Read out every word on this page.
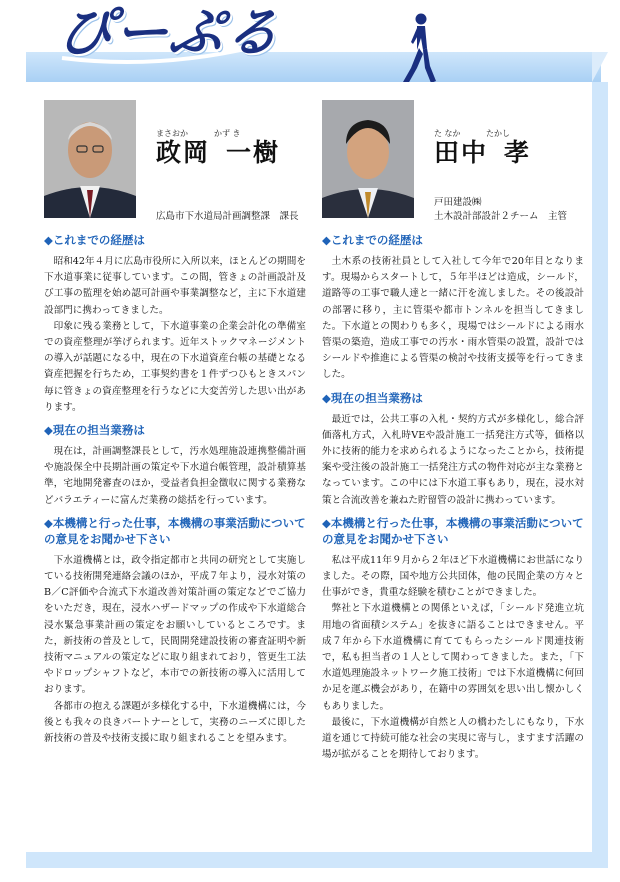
ぴーぷる
まさおか	かず き
政岡 一樹
広島市下水道局計画調整課　課長
◆これまでの経歴は

昭和42年４月に広島市役所に入所以来，ほとんどの期間を下水道事業に従事しています。この間，管きょの計画設計及び工事の監理を始め認可計画や事業調整など，主に下水道建設部門に携わってきました。

印象に残る業務として，下水道事業の企業会計化の準備室での資産整理が挙げられます。近年ストックマネージメントの導入が話題になる中，現在の下水道資産台帳の基礎となる資産把握を行ちため，工事契約書を１件ずつひもときスパン毎に管きょの資産整理を行うなどに大変苦労した思い出があります。

◆現在の担当業務は

現在は，計画調整課長として，汚水処理施設連携整備計画や施設保全中長期計画の策定や下水道台帳管理，設計積算基準，宅地開発審査のほか，受益者負担金徴収に関する業務などバラエティーに富んだ業務の総括を行っています。

◆本機構と行った仕事，本機構の事業活動についての意見をお聞かせ下さい

下水道機構とは，政令指定都市と共同の研究として実施している技術開発連絡会議のほか，平成７年より，浸水対策のB／C評価や合流式下水道改善対策計画の策定などでご協力をいただき，現在，浸水ハザードマップの作成や下水道総合浸水緊急事業計画の策定をお願いしているところです。また，新技術の普及として，民間開発建設技術の審査証明や新技術マニュアルの策定などに取り組まれており，管更生工法やドロップシャフトなど，本市での新技術の導入に活用しております。

各都市の抱える課題が多様化する中，下水道機構には，今後とも我々の良きパートナーとして，実務のニーズに即した新技術の普及や技術支援に取り組まれることを望みます。

た なか	たかし
田中 孝
戸田建設㈱
土木設計部設計２チーム　主管
◆これまでの経歴は

土木系の技術社員として入社して今年で20年目となります。現場からスタートして，５年半ほどは造成，シールド，道路等の工事で職人達と一緒に汗を流しました。その後設計の部署に移り，主に管渠や都市トンネルを担当してきました。下水道との関わりも多く，現場ではシールドによる雨水管渠の築造，造成工事での汚水・雨水管渠の設置，設計ではシールドや推進による管渠の検討や技術支援等を行ってきました。

◆現在の担当業務は

最近では，公共工事の入札・契約方式が多様化し，総合評価落札方式，入札時VEや設計施工一括発注方式等，価格以外に技術的能力を求められるようになったことから，技術提案や受注後の設計施工一括発注方式の物件対応が主な業務となっています。この中には下水道工事もあり，現在，浸水対策と合流改善を兼ねた貯留管の設計に携わっています。

◆本機構と行った仕事，本機構の事業活動についての意見をお聞かせ下さい

私は平成11年９月から２年ほど下水道機構にお世話になりました。その際，国や地方公共団体，他の民間企業の方々と仕事ができ，貴重な経験を積むことができました。

弊社と下水道機構との関係といえば，「シールド発進立坑用地の省面積システム」を抜きに語ることはできません。平成７年から下水道機構に育ててもらったシールド関連技術で，私も担当者の１人として関わってきました。また，「下水道処理施設ネットワーク施工技術」では下水道機構に何回か足を運ぶ機会があり，在籍中の雰囲気を思い出し懐かしくもありました。

最後に，下水道機構が自然と人の橋わたしにもなり，下水道を通じて持続可能な社会の実現に寄与し，ますます活躍の場が拡がることを期待しております。
